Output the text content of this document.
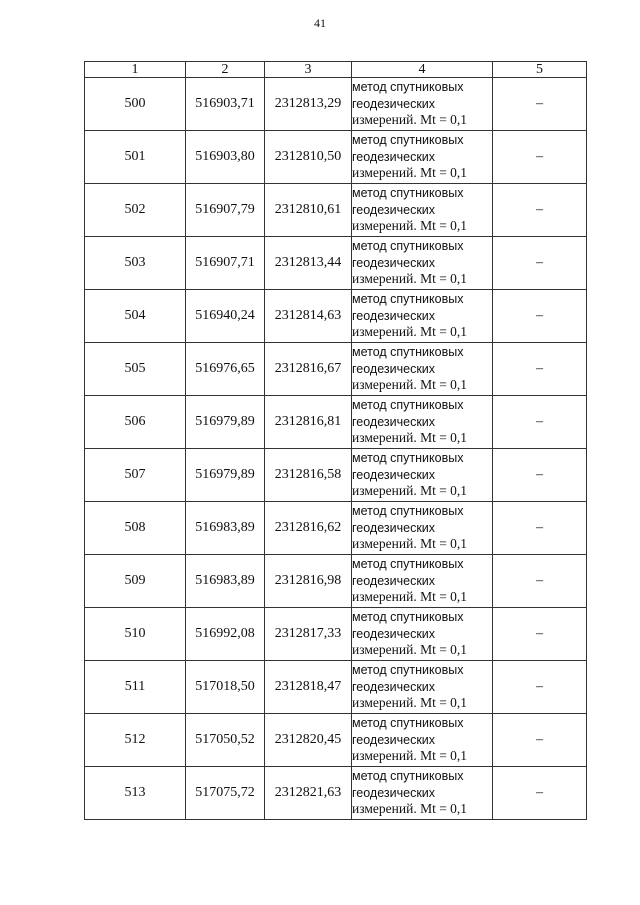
41
1	2	3	4	5
500	516903,71	2312813,29	метод спутниковых
геодезических
измерений. Mt = 0,1	–
501	516903,80	2312810,50	метод спутниковых
геодезических
измерений. Mt = 0,1	–
502	516907,79	2312810,61	метод спутниковых
геодезических
измерений. Mt = 0,1	–
503	516907,71	2312813,44	метод спутниковых
геодезических
измерений. Mt = 0,1	–
504	516940,24	2312814,63	метод спутниковых
геодезических
измерений. Mt = 0,1	–
505	516976,65	2312816,67	метод спутниковых
геодезических
измерений. Mt = 0,1	–
506	516979,89	2312816,81	метод спутниковых
геодезических
измерений. Mt = 0,1	–
507	516979,89	2312816,58	метод спутниковых
геодезических
измерений. Mt = 0,1	–
508	516983,89	2312816,62	метод спутниковых
геодезических
измерений. Mt = 0,1	–
509	516983,89	2312816,98	метод спутниковых
геодезических
измерений. Mt = 0,1	–
510	516992,08	2312817,33	метод спутниковых
геодезических
измерений. Mt = 0,1	–
511	517018,50	2312818,47	метод спутниковых
геодезических
измерений. Mt = 0,1	–
512	517050,52	2312820,45	метод спутниковых
геодезических
измерений. Mt = 0,1	–
513	517075,72	2312821,63	метод спутниковых
геодезических
измерений. Mt = 0,1	–
